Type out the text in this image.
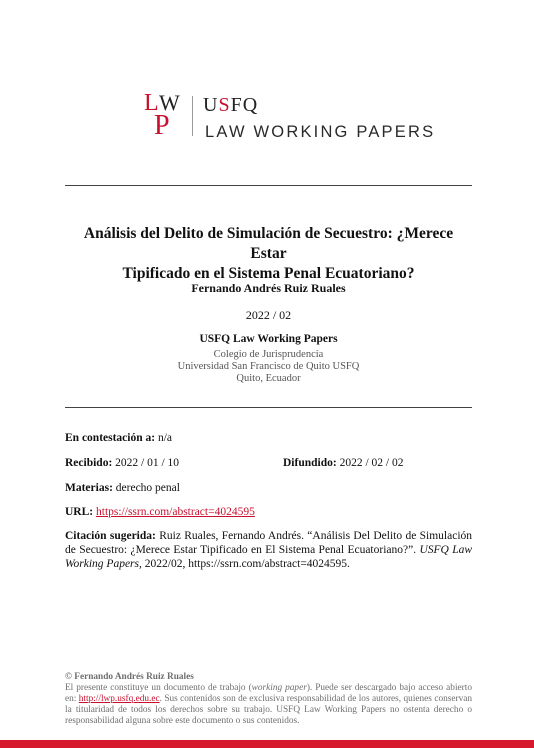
L W
P
USFQ
LAW WORKING PAPERS
Análisis del Delito de Simulación de Secuestro: ¿Merece Estar
Tipificado en el Sistema Penal Ecuatoriano?
Fernando Andrés Ruiz Ruales
2022 / 02
USFQ Law Working Papers
Colegio de Jurisprudencia
Universidad San Francisco de Quito USFQ
Quito, Ecuador
En contestación a: n/a
Recibido: 2022 / 01 / 10	Difundido: 2022 / 02 / 02
Materias: derecho penal
URL: https://ssrn.com/abstract=4024595
Citación sugerida: Ruiz Ruales, Fernando Andrés. “Análisis Del Delito de Simulación de Secuestro: ¿Merece Estar Tipificado en El Sistema Penal Ecuatoriano?”. USFQ Law Working Papers, 2022/02, https://ssrn.com/abstract=4024595.
© Fernando Andrés Ruiz Ruales
El presente constituye un documento de trabajo (working paper). Puede ser descargado bajo acceso abierto en: http://lwp.usfq.edu.ec. Sus contenidos son de exclusiva responsabilidad de los autores, quienes conservan la titularidad de todos los derechos sobre su trabajo. USFQ Law Working Papers no ostenta derecho o responsabilidad alguna sobre este documento o sus contenidos.
